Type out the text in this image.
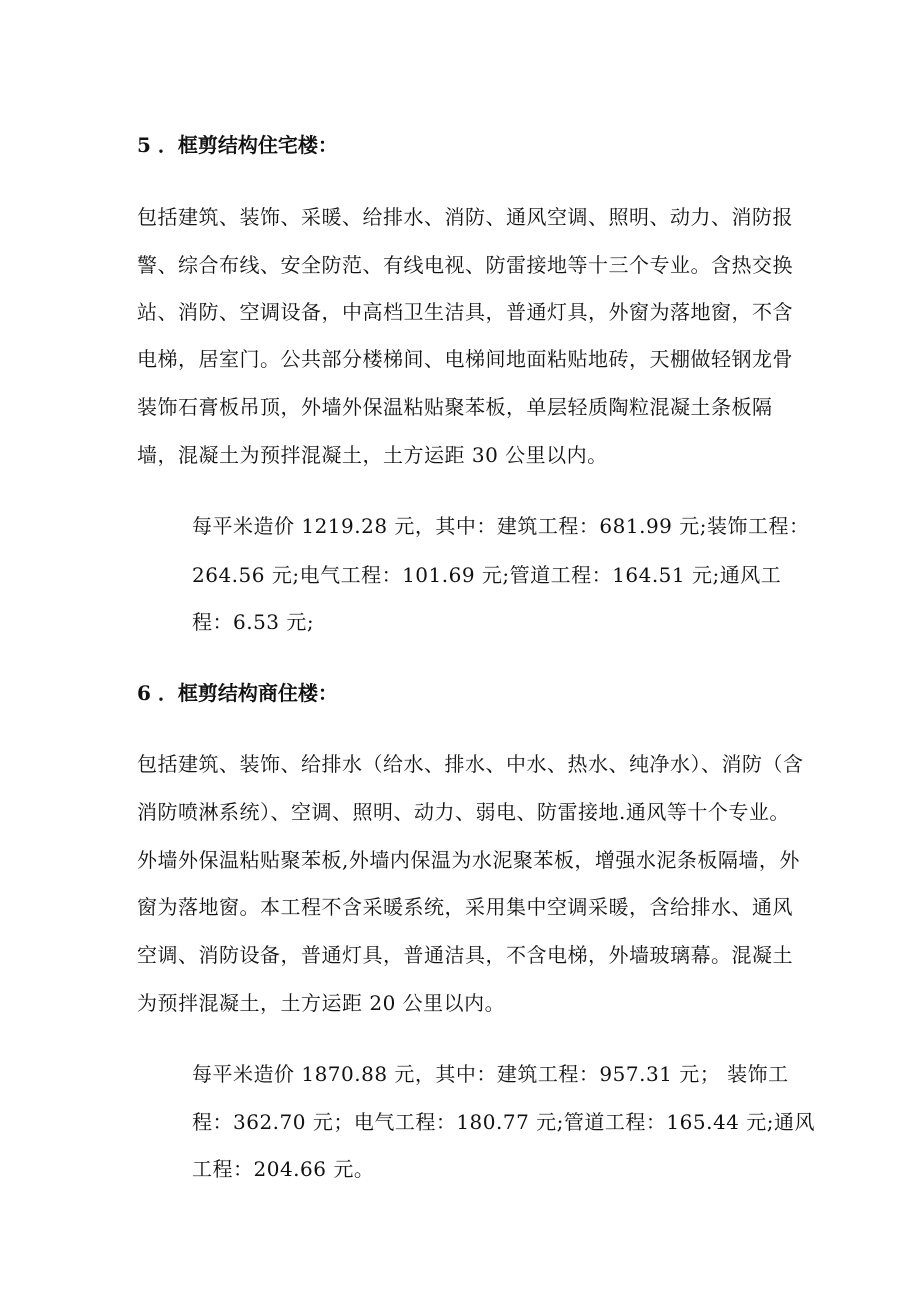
5 ．框剪结构住宅楼：
包括建筑、装饰、采暖、给排水、消防、通风空调、照明、动力、消防报
警、综合布线、安全防范、有线电视、防雷接地等十三个专业。含热交换
站、消防、空调设备，中高档卫生洁具，普通灯具，外窗为落地窗，不含
电梯，居室门。公共部分楼梯间、电梯间地面粘贴地砖，天棚做轻钢龙骨
装饰石膏板吊顶，外墙外保温粘贴聚苯板，单层轻质陶粒混凝土条板隔
墙，混凝土为预拌混凝土，土方运距 30 公里以内。
每平米造价 1219.28 元，其中：建筑工程：681.99 元;装饰工程：
264.56 元;电气工程：101.69 元;管道工程：164.51 元;通风工
程：6.53 元;
6 ．框剪结构商住楼：
包括建筑、装饰、给排水（给水、排水、中水、热水、纯净水）、消防（含
消防喷淋系统）、空调、照明、动力、弱电、防雷接地.通风等十个专业。
外墙外保温粘贴聚苯板,外墙内保温为水泥聚苯板，增强水泥条板隔墙，外
窗为落地窗。本工程不含采暖系统，采用集中空调采暖，含给排水、通风
空调、消防设备，普通灯具，普通洁具，不含电梯，外墙玻璃幕。混凝土
为预拌混凝土，土方运距 20 公里以内。
每平米造价 1870.88 元，其中：建筑工程：957.31 元； 装饰工
程：362.70 元；电气工程：180.77 元;管道工程：165.44 元;通风
工程：204.66 元。
